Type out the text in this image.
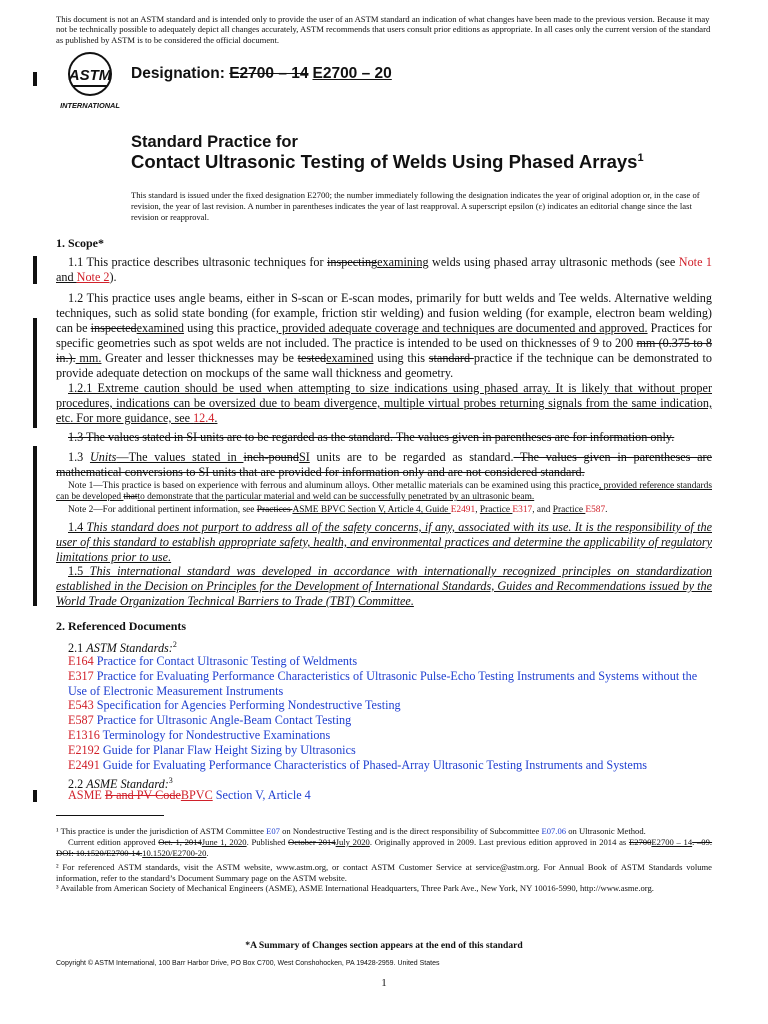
This document is not an ASTM standard and is intended only to provide the user of an ASTM standard an indication of what changes have been made to the previous version. Because it may not be technically possible to adequately depict all changes accurately, ASTM recommends that users consult prior editions as appropriate. In all cases only the current version of the standard as published by ASTM is to be considered the official document.
ASTM
INTERNATIONAL
Designation: E2700 – 14 E2700 – 20
Standard Practice for
Contact Ultrasonic Testing of Welds Using Phased Arrays$^1$
This standard is issued under the fixed designation E2700; the number immediately following the designation indicates the year of original adoption or, in the case of revision, the year of last revision. A number in parentheses indicates the year of last reapproval. A superscript epsilon (ε) indicates an editorial change since the last revision or reapproval.
1. Scope*
1.1 This practice describes ultrasonic techniques for inspectingexamining welds using phased array ultrasonic methods (see Note 1 and Note 2).
1.2 This practice uses angle beams, either in S-scan or E-scan modes, primarily for butt welds and Tee welds. Alternative welding techniques, such as solid state bonding (for example, friction stir welding) and fusion welding (for example, electron beam welding) can be inspectedexamined using this practice, provided adequate coverage and techniques are documented and approved. Practices for specific geometries such as spot welds are not included. The practice is intended to be used on thicknesses of 9 to 200 mm (0.375 to 8 in.). mm. Greater and lesser thicknesses may be testedexamined using this standard practice if the technique can be demonstrated to provide adequate detection on mockups of the same wall thickness and geometry.
1.2.1 Extreme caution should be used when attempting to size indications using phased array. It is likely that without proper procedures, indications can be oversized due to beam divergence, multiple virtual probes returning signals from the same indication, etc. For more guidance, see 12.4.
1.3 The values stated in SI units are to be regarded as the standard. The values given in parentheses are for information only.
1.3 Units—The values stated in inch-poundSI units are to be regarded as standard. The values given in parentheses are mathematical conversions to SI units that are provided for information only and are not considered standard.
Note 1—This practice is based on experience with ferrous and aluminum alloys. Other metallic materials can be examined using this practice, provided reference standards can be developed thatto demonstrate that the particular material and weld can be successfully penetrated by an ultrasonic beam.
Note 2—For additional pertinent information, see Practices ASME BPVC Section V, Article 4, Guide E2491, Practice E317, and Practice E587.
1.4 This standard does not purport to address all of the safety concerns, if any, associated with its use. It is the responsibility of the user of this standard to establish appropriate safety, health, and environmental practices and determine the applicability of regulatory limitations prior to use.
1.5 This international standard was developed in accordance with internationally recognized principles on standardization established in the Decision on Principles for the Development of International Standards, Guides and Recommendations issued by the World Trade Organization Technical Barriers to Trade (TBT) Committee.
2. Referenced Documents
2.1 ASTM Standards:$^2$
E164 Practice for Contact Ultrasonic Testing of Weldments
E317 Practice for Evaluating Performance Characteristics of Ultrasonic Pulse-Echo Testing Instruments and Systems without the Use of Electronic Measurement Instruments
E543 Specification for Agencies Performing Nondestructive Testing
E587 Practice for Ultrasonic Angle-Beam Contact Testing
E1316 Terminology for Nondestructive Examinations
E2192 Guide for Planar Flaw Height Sizing by Ultrasonics
E2491 Guide for Evaluating Performance Characteristics of Phased-Array Ultrasonic Testing Instruments and Systems
2.2 ASME Standard:$^3$
ASME B and PV CodeBPVC Section V, Article 4
¹ This practice is under the jurisdiction of ASTM Committee E07 on Nondestructive Testing and is the direct responsibility of Subcommittee E07.06 on Ultrasonic Method.
Current edition approved Oct. 1, 2014June 1, 2020. Published October 2014July 2020. Originally approved in 2009. Last previous edition approved in 2014 as E2700E2700 – 14. –09. DOI: 10.1520/E2700-14.10.1520/E2700-20.
² For referenced ASTM standards, visit the ASTM website, www.astm.org, or contact ASTM Customer Service at service@astm.org. For Annual Book of ASTM Standards volume information, refer to the standard’s Document Summary page on the ASTM website.
³ Available from American Society of Mechanical Engineers (ASME), ASME International Headquarters, Three Park Ave., New York, NY 10016-5990, http://www.asme.org.
*A Summary of Changes section appears at the end of this standard
Copyright © ASTM International, 100 Barr Harbor Drive, PO Box C700, West Conshohocken, PA 19428-2959. United States
1
